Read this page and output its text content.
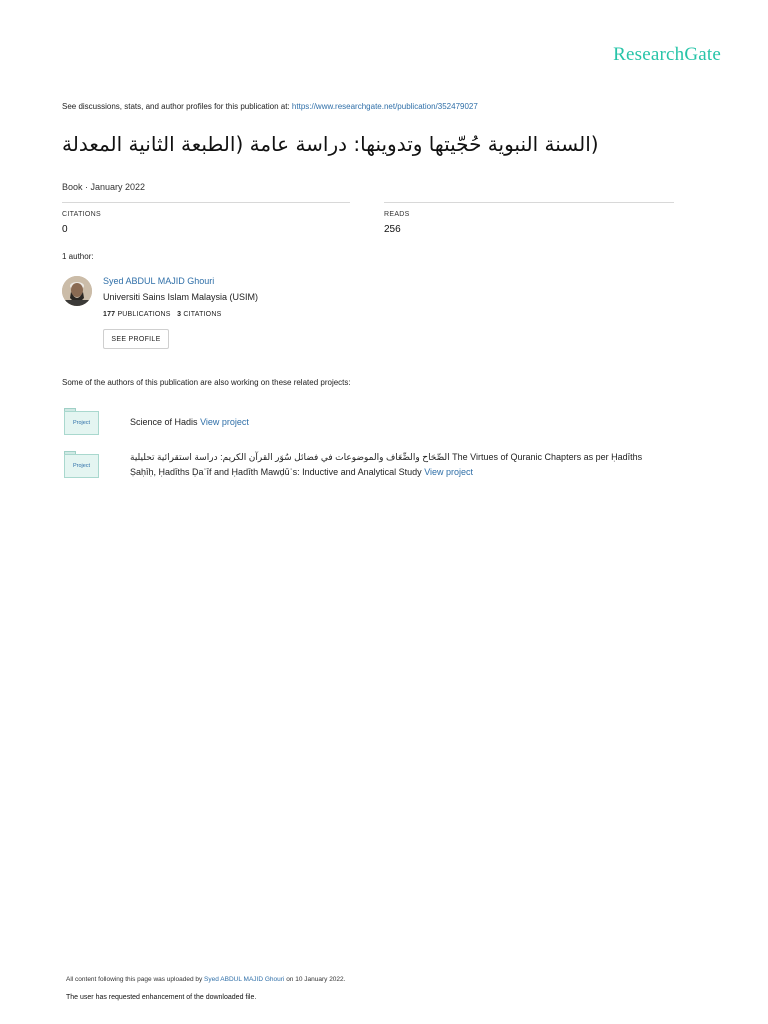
ResearchGate
See discussions, stats, and author profiles for this publication at: https://www.researchgate.net/publication/352479027
(السنة النبوية حُجّيتها وتدوينها: دراسة عامة (الطبعة الثانية المعدلة
Book · January 2022
CITATIONS
0
READS
256
1 author:
Syed ABDUL MAJID Ghouri
Universiti Sains Islam Malaysia (USIM)
177 PUBLICATIONS 3 CITATIONS
SEE PROFILE
Some of the authors of this publication are also working on these related projects:
Project	Science of Hadis View project
Project
الصِّحَاح والضِّعَاف والموضوعات في فضائل سُوَر القرآن الكريم: دراسة استقرائية تحليلية The Virtues of Quranic Chapters as per Ḥadīths
Ṣaḥīḥ, Ḥadīths Ḍaʿīf and Ḥadīth Mawḍūʿs: Inductive and Analytical Study View project
All content following this page was uploaded by Syed ABDUL MAJID Ghouri on 10 January 2022.
The user has requested enhancement of the downloaded file.
